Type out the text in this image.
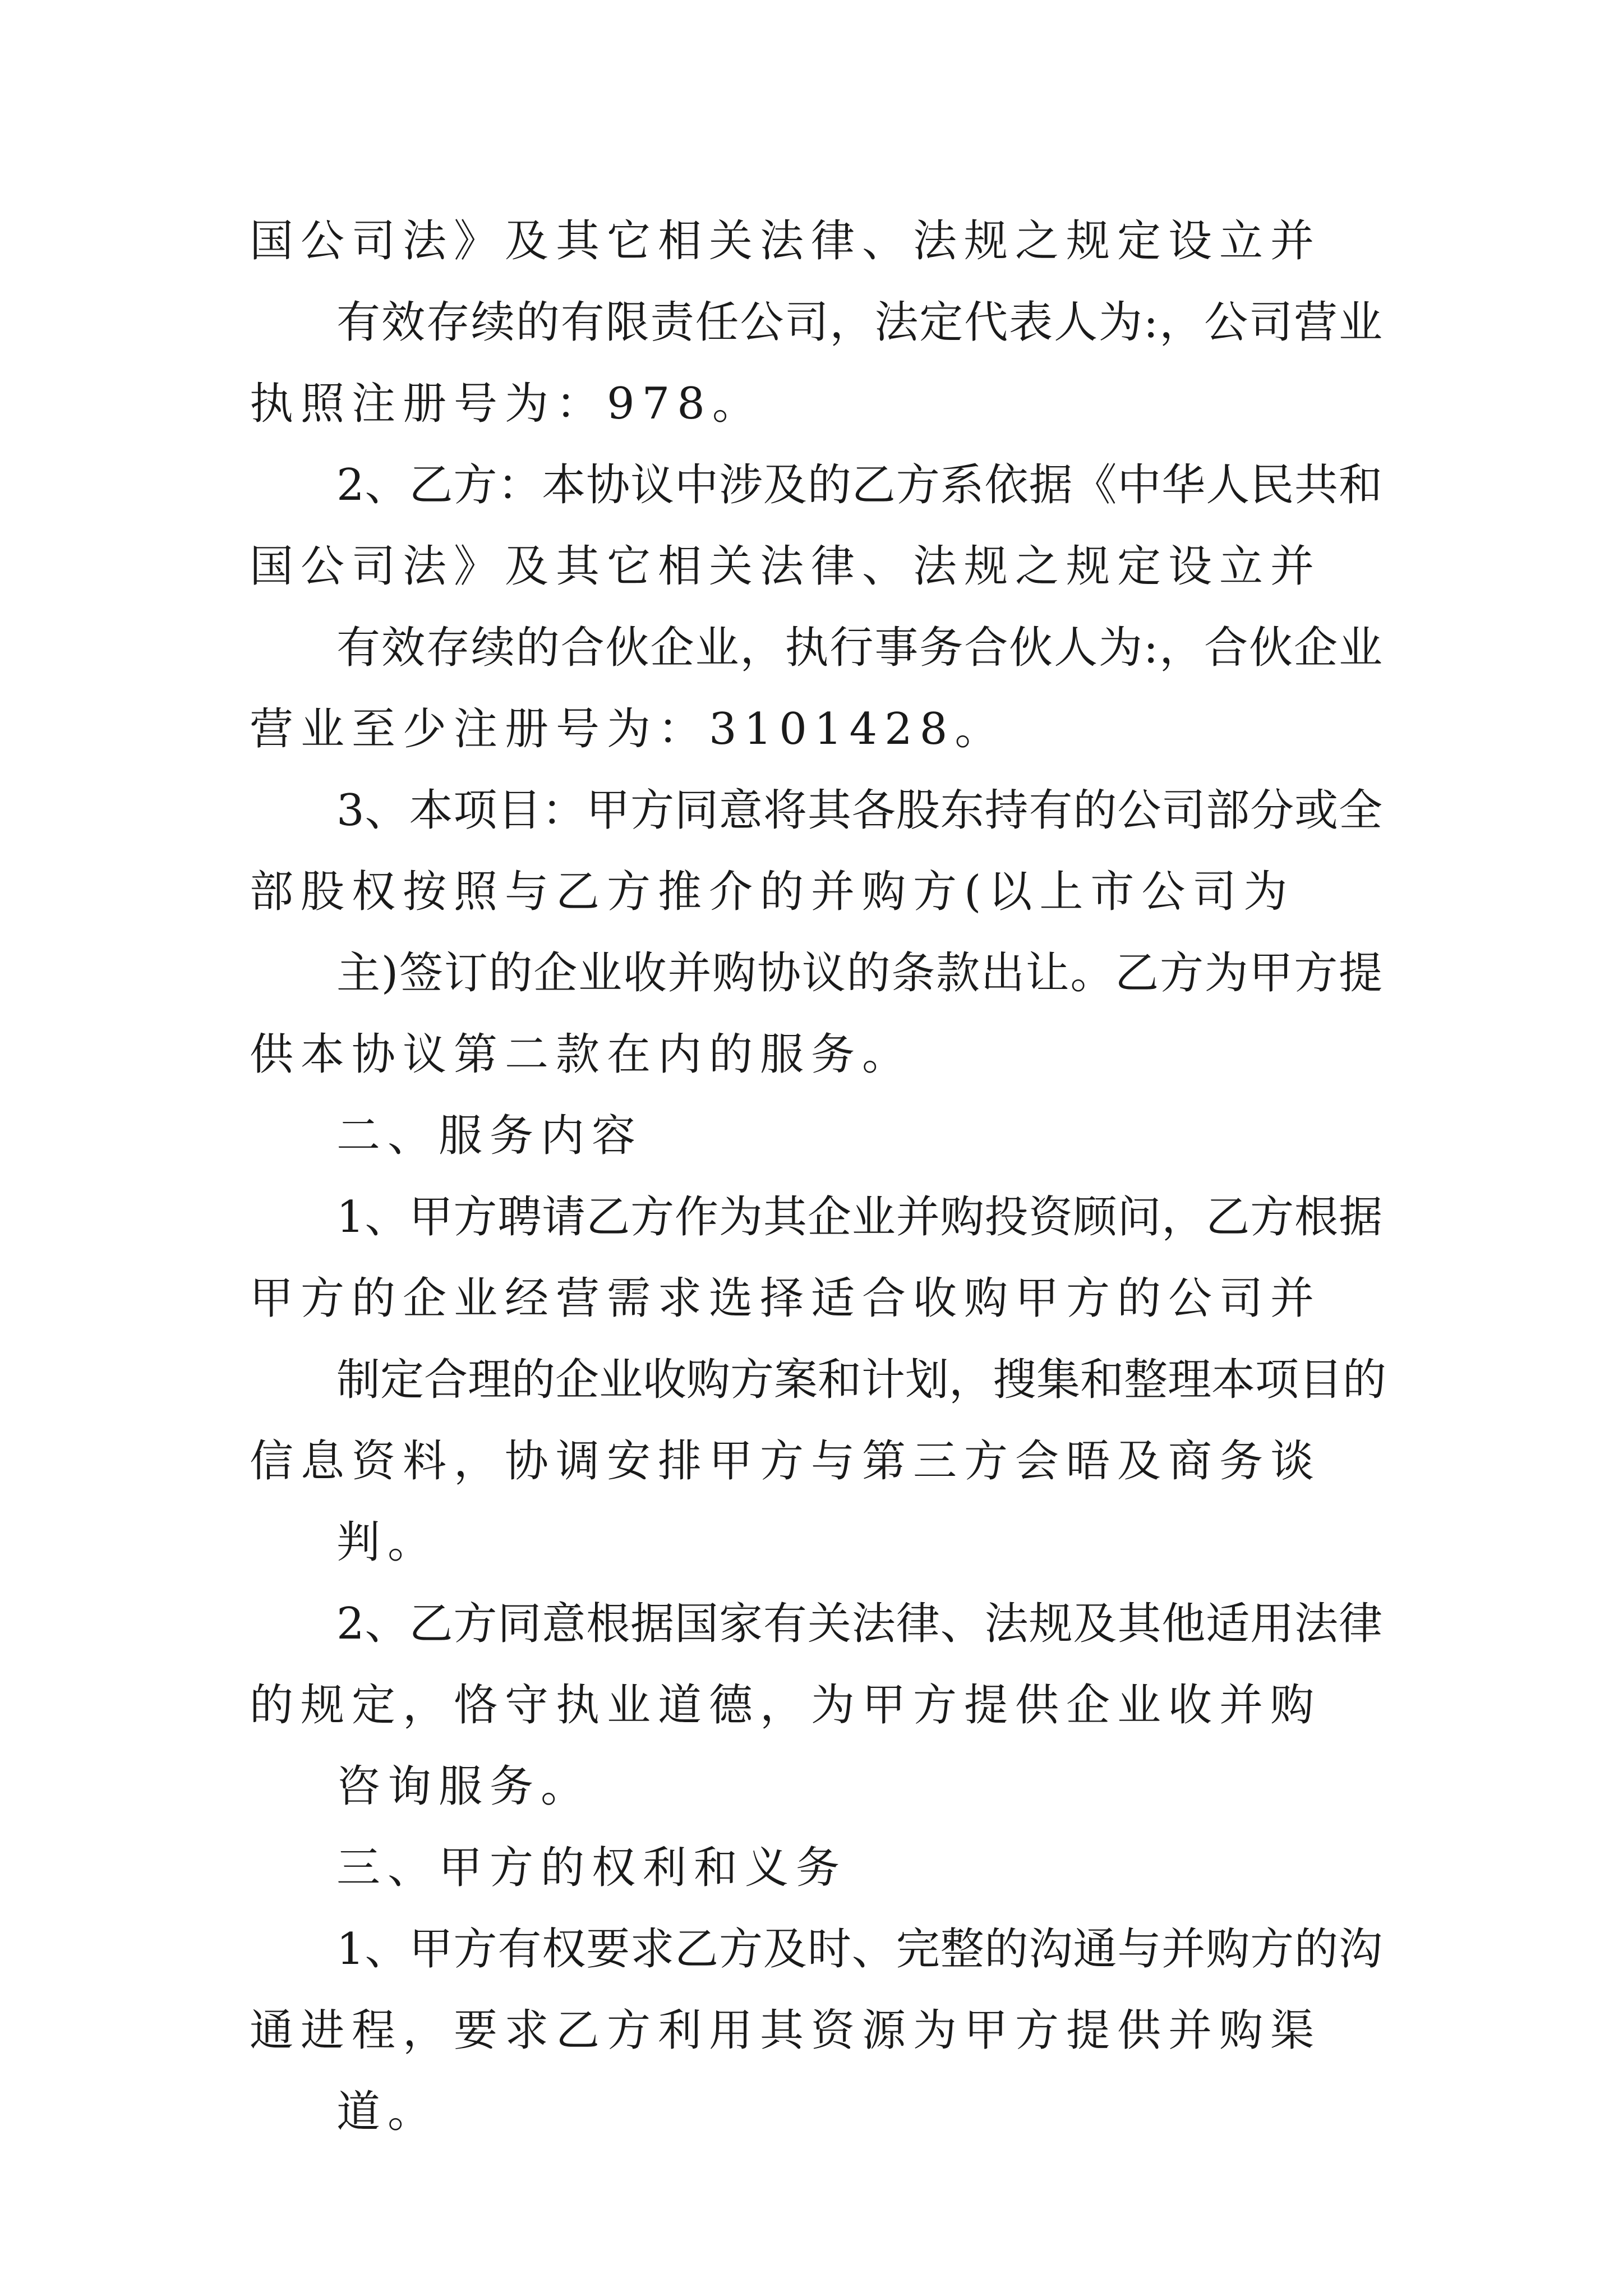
国公司法》及其它相关法律、法规之规定设立并
有效存续的有限责任公司，法定代表人为:，公司营业
执照注册号为：978。
2、乙方：本协议中涉及的乙方系依据《中华人民共和
国公司法》及其它相关法律、法规之规定设立并
有效存续的合伙企业，执行事务合伙人为:，合伙企业
营业至少注册号为：3101428。
3、本项目：甲方同意将其各股东持有的公司部分或全
部股权按照与乙方推介的并购方(以上市公司为
主)签订的企业收并购协议的条款出让。乙方为甲方提
供本协议第二款在内的服务。
二、服务内容
1、甲方聘请乙方作为其企业并购投资顾问，乙方根据
甲方的企业经营需求选择适合收购甲方的公司并
制定合理的企业收购方案和计划，搜集和整理本项目的
信息资料，协调安排甲方与第三方会晤及商务谈
判。
2、乙方同意根据国家有关法律、法规及其他适用法律
的规定，恪守执业道德，为甲方提供企业收并购
咨询服务。
三、甲方的权利和义务
1、甲方有权要求乙方及时、完整的沟通与并购方的沟
通进程，要求乙方利用其资源为甲方提供并购渠
道。
